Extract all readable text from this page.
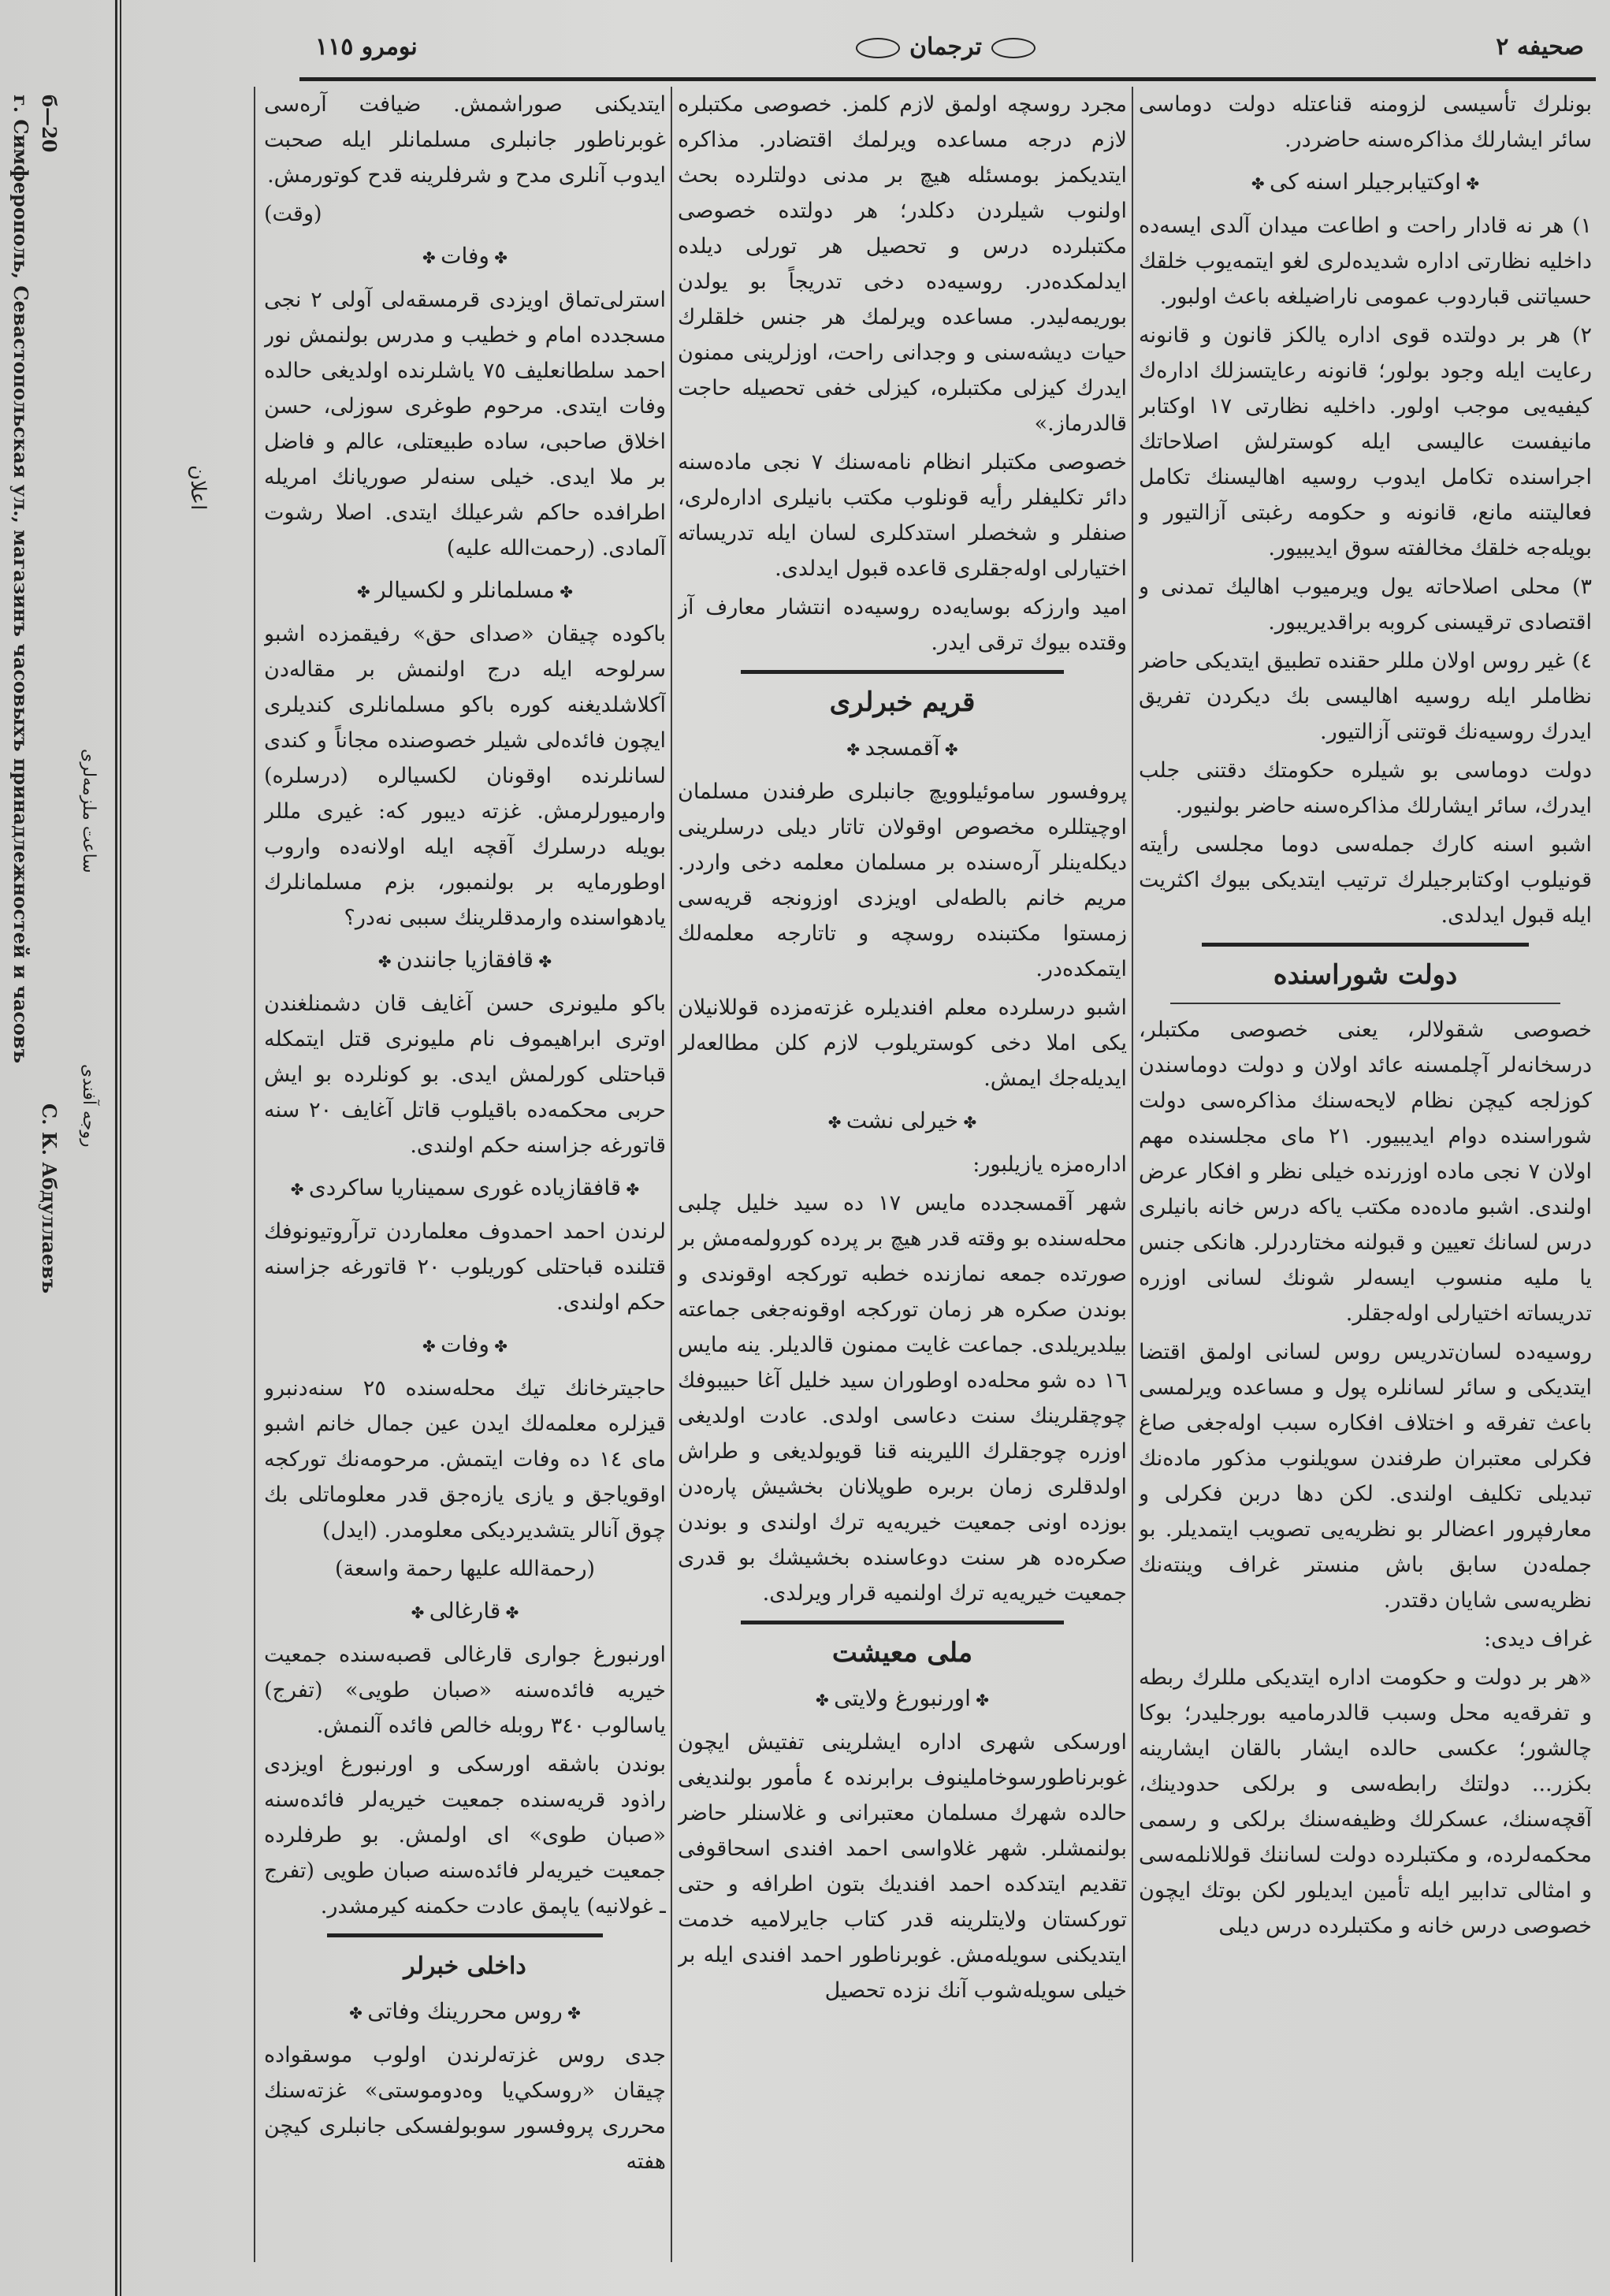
г. Симферополь, Севастопольская ул., магазинъ часовыхъ принадлежностей и часовъ
С. К. Абдуллаевъ
б—20
روجه آفندی
ساعت ملزمه‌لری
اعلان
صحيفه ٢
ترجمان
نومرو ١١٥

بونلرك تأسيسى لزومنه قناعتله دولت دوماسى سائر ايشارلك مذاكره‌سنه حاضردر.

✤ اوكتيابرجيلر اسنه كى ✤

١) هر نه قادار راحت و اطاعت ميدان آلدى ايسه‌ده داخليه نظارتى اداره شديده‌لرى لغو ايتمه‌يوب خلقك حسياتنى قباردوب عمومى ناراضيلغه باعث اولبور.

٢) هر بر دولتده قوى اداره يالكز قانون و قانونه رعايت ايله وجود بولور؛ قانونه رعايتسزلك اداره‌ك كيفيه‌يى موجب اولور. داخليه نظارتى ١٧ اوكتابر مانيفست عاليسى ايله كوسترلش اصلاحاتك اجراسنده تكامل ايدوب روسيه اهاليسنك تكامل فعاليتنه مانع، قانونه و حكومه رغبتى آزالتيور و بويله‌جه خلقك مخالفته سوق ايديبيور.

٣) محلى اصلاحاته يول ويرميوب اهاليك تمدنى و اقتصادى ترقيسنى كروبه براقديريبور.

٤) غير روس اولان مللر حقنده تطبيق ايتديكى حاضر نظاملر ايله روسيه اهاليسى بك ديكردن تفريق ايدرك روسيه‌نك قوتنى آزالتيور.

دولت دوماسى بو شيلره حكومتك دقتنى جلب ايدرك، سائر ايشارلك مذاكره‌سنه حاضر بولنيور.

اشبو اسنه كارك جمله‌سى دوما مجلسى رأيته قونيلوب اوكتابرجيلرك ترتيب ايتديكى بيوك اكثريت ايله قبول ايدلدى.

دولت شوراسنده

خصوصى شقولالر، يعنى خصوصى مكتبلر، درسخانه‌لر آچلمسنه عائد اولان و دولت دوماسندن كوزلجه كيچن نظام لايحه‌سنك مذاكره‌سى دولت شوراسنده دوام ايديبيور. ٢١ ماى مجلسنده مهم اولان ٧ نجى ماده اوزرنده خيلى نظر و افكار عرض اولندى. اشبو ماده‌ده مكتب ياكه درس خانه بانيلرى درس لسانك تعيين و قبولنه مختاردرلر. هانكى جنس يا مليه منسوب ايسه‌لر شونك لسانى اوزره تدريساته اختيارلى اوله‌جقلر.

روسيه‌ده لسان‌تدريس روس لسانى اولمق اقتضا ايتديكى و سائر لسانلره پول و مساعده ويرلمسى باعث تفرقه و اختلاف افكاره سبب اوله‌جغى صاغ فكرلى معتبران طرفندن سويلنوب مذكور ماده‌نك تبديلى تكليف اولندى. لكن دها دربن فكرلى و معارفپرور اعضالر بو نظريه‌يى تصويب ايتمديلر. بو جمله‌دن سابق باش منستر غراف وينته‌نك نظريه‌سى شايان دقتدر.

غراف ديدى:

«هر بر دولت و حكومت اداره ايتديكى مللرك ربطه و تفرقه‌يه محل وسبب قالدرماميه بورجليدر؛ بوكا چالشور؛ عكسى حالده ايشار بالقان ايشارينه بكزر... دولتك رابطه‌سى و برلكى حدودينك، آقچه‌سنك، عسكرلك وظيفه‌سنك برلكى و رسمى محكمه‌لرده، و مكتبلرده دولت لساننك قوللانلمه‌سى و امثالى تدابير ايله تأمين ايديلور لكن بوتك ايچون خصوصى درس خانه و مكتبلرده درس ديلى

مجرد روسچه اولمق لازم كلمز. خصوصى مكتبلره لازم درجه مساعده ويرلمك اقتضادر. مذاكره ايتديكمز بومسئله هيچ بر مدنى دولتلرده بحث اولنوب شيلردن دكلدر؛ هر دولتده خصوصى مكتبلرده درس و تحصيل هر تورلى ديلده ايدلمكده‌در. روسيه‌ده دخى تدريجاً بو يولدن بوريمه‌ليدر. مساعده ويرلمك هر جنس خلقلرك حيات ديشه‌سنى و وجدانى راحت، اوزلرينى ممنون ايدرك كيزلى مكتبلره، كيزلى خفى تحصيله حاجت قالدرماز.»

خصوصى مكتبلر انظام نامه‌سنك ٧ نجى ماده‌سنه دائر تكليفلر رأيه قونلوب مكتب بانيلرى اداره‌لرى، صنفلر و شخصلر استدكلرى لسان ايله تدريساته اختيارلى اوله‌جقلرى قاعده قبول ايدلدى.

اميد وارزكه بوسايه‌ده روسيه‌ده انتشار معارف آز وقتده بيوك ترقى ايدر.

قريم خبرلرى
✤ آقمسجد ✤

پروفسور ساموئيلوويچ جانبلرى طرفندن مسلمان اوچيتللره مخصوص اوقولان تاتار ديلى درسلرينى ديكله‌ينلر آره‌سنده بر مسلمان معلمه دخى واردر. مريم خانم بالطه‌لى اويزدى اوزونجه قريه‌سى زمستوا مكتبنده روسچه و تاتارجه معلمه‌لك ايتمكده‌در.

اشبو درسلرده معلم افنديلره غزته‌مزده قوللانيلان يكى املا دخى كوستريلوب لازم كلن مطالعه‌لر ايديله‌جك ايمش.

✤ خيرلى نشت ✤

اداره‌مزه يازيلبور:

شهر آقمسجدده مايس ١٧ ده سيد خليل چلبى محله‌سنده بو وقته قدر هيچ بر پرده كورولمه‌مش بر صورتده جمعه نمازنده خطبه توركجه اوقوندى و بوندن صكره هر زمان توركجه اوقونه‌جغى جماعته بيلديريلدى. جماعت غايت ممنون قالديلر. ينه مايس ١٦ ده شو محله‌ده اوطوران سيد خليل آغا حبيبوفك چوچقلرينك سنت دعاسى اولدى. عادت اولديغى اوزره چوجقلرك الليرينه قنا قويولديغى و طراش اولدقلرى زمان بربره طوپلانان بخشيش پاره‌دن بوزده اونى جمعيت خيريه‌يه ترك اولندى و بوندن صكره‌ده هر سنت دوعاسنده بخشيشك بو قدرى جمعيت خيريه‌يه ترك اولنميه قرار ويرلدى.

ملى معيشت
✤ اورنبورغ ولايتى ✤

اورسكى شهرى اداره ايشلرينى تفتيش ايچون غوبرناطورسوخاملينوف برابرنده ٤ مأمور بولنديغى حالده شهرك مسلمان معتبرانى و غلاسنلر حاضر بولنمشلر. شهر غلاواسى احمد افندى اسحاقوفى تقديم ايتدكده احمد افنديك بتون اطرافه و حتى توركستان ولايتلرينه قدر كتاب جايرلاميه خدمت ايتديكنى سويله‌مش. غوبرناطور احمد افندى ايله بر خيلى سويله‌شوب آنك نزده تحصيل

ايتديكنى صوراشمش. ضيافت آره‌سى غوبرناطور جانبلرى مسلمانلر ايله صحبت ايدوب آنلرى مدح و شرفلرينه قدح كوتورمش.

(وقت)

✤ وفات ✤

استرلى‌تماق اويزدى قرمسقه‌لى آولى ٢ نجى مسجدده امام و خطيب و مدرس بولنمش نور احمد سلطانعليف ٧٥ ياشلرنده اولديغى حالده وفات ايتدى. مرحوم طوغرى سوزلى، حسن اخلاق صاحبى، ساده طبيعتلى، عالم و فاضل بر ملا ايدى. خيلى سنه‌لر صوريانك امريله اطرافده حاكم شرعيلك ايتدى. اصلا رشوت آلمادى. (رحمت‌الله عليه)

✤ مسلمانلر و لكسيالر ✤

باكوده چيقان «صداى حق» رفيقمزده اشبو سرلوحه ايله درج اولنمش بر مقاله‌دن آكلاشلديغنه كوره باكو مسلمانلرى كنديلرى ايچون فائده‌لى شيلر خصوصنده مجاناً و كندى لسانلرنده اوقونان لكسيالره (درسلره) وارميورلرمش. غزته ديبور كه: غيرى مللر بويله درسلرك آقچه ايله اولانه‌ده واروب اوطورمايه بر بولنمبور، بزم مسلمانلرك يادهواسنده وارمدقلرينك سببى نه‌در؟

✤ قافقازيا جانندن ✤

باكو مليونرى حسن آغايف قان دشمنلغندن اوترى ابراهيموف نام مليونرى قتل ايتمكله قباحتلى كورلمش ايدى. بو كونلرده بو ايش حربى محكمه‌ده باقيلوب قاتل آغايف ٢٠ سنه قاتورغه جزاسنه حكم اولندى.

✤ قافقازياده غورى سميناريا ساكردى ✤

لرندن احمد احمدوف معلماردن ترآروتيونوفك قتلنده قباحتلى كوريلوب ٢٠ قاتورغه جزاسنه حكم اولندى.

✤ وفات ✤

حاجيترخانك تيك محله‌سنده ٢٥ سنه‌دنبرو قيزلره معلمه‌لك ايدن عين جمال خانم اشبو ماى ١٤ ده وفات ايتمش. مرحومه‌نك توركجه اوقوياجق و يازى يازه‌جق قدر معلوماتلى بك چوق آنالر يتشديرديكى معلومدر. (ايدل)

(رحمة‌الله عليها رحمة واسعة)

✤ قارغالى ✤

اورنبورغ جوارى قارغالى قصبه‌سنده جمعيت خيريه فائده‌سنه «صبان طويى» (تفرج) ياسالوب ٣٤٠ روبله خالص فائده آلنمش.

بوندن باشقه اورسكى و اورنبورغ اويزدى راذود قريه‌سنده جمعيت خيريه‌لر فائده‌سنه «صبان طوى» اى اولمش. بو طرفلرده جمعيت خيريه‌لر فائده‌سنه صبان طويى (تفرج ـ غولانيه) ياپمق عادت حكمنه كيرمشدر.

داخلى خبرلر
✤ روس محررينك وفاتى ✤

جدى روس غزته‌لرندن اولوب موسقواده چيقان «روسكي‌يا وه‌دوموستى» غزته‌سنك محررى پروفسور سوبولفسكى جانبلرى كيچن هفته
